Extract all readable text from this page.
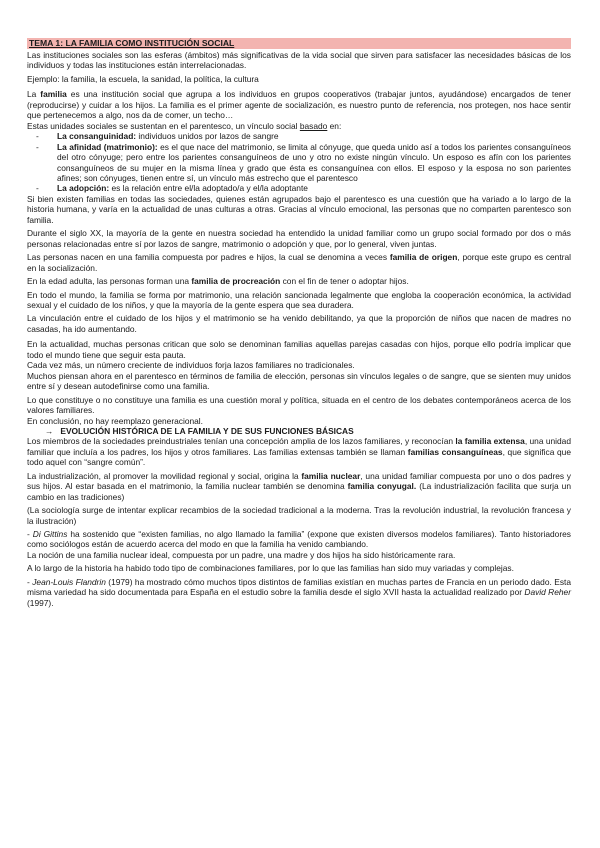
TEMA 1: LA FAMILIA COMO INSTITUCIÓN SOCIAL

Las instituciones sociales son las esferas (ámbitos) más significativas de la vida social que sirven para satisfacer las necesidades básicas de los individuos y todas las instituciones están interrelacionadas.

Ejemplo: la familia, la escuela, la sanidad, la política, la cultura

La familia es una institución social que agrupa a los individuos en grupos cooperativos (trabajar juntos, ayudándose) encargados de tener (reproducirse) y cuidar a los hijos. La familia es el primer agente de socialización, es nuestro punto de referencia, nos protegen, nos hace sentir que pertenecemos a algo, nos da de comer, un techo…

Estas unidades sociales se sustentan en el parentesco, un vínculo social basado en:

- La consanguinidad: individuos unidos por lazos de sangre
- La afinidad (matrimonio): es el que nace del matrimonio, se limita al cónyuge, que queda unido así a todos los parientes consanguíneos del otro cónyuge; pero entre los parientes consanguíneos de uno y otro no existe ningún vínculo. Un esposo es afín con los parientes consanguíneos de su mujer en la misma línea y grado que ésta es consanguínea con ellos. El esposo y la esposa no son parientes afines; son cónyuges, tienen entre sí, un vínculo más estrecho que el parentesco
- La adopción: es la relación entre el/la adoptado/a y el/la adoptante

Si bien existen familias en todas las sociedades, quienes están agrupados bajo el parentesco es una cuestión que ha variado a lo largo de la historia humana, y varía en la actualidad de unas culturas a otras. Gracias al vínculo emocional, las personas que no comparten parentesco son familia.

Durante el siglo XX, la mayoría de la gente en nuestra sociedad ha entendido la unidad familiar como un grupo social formado por dos o más personas relacionadas entre sí por lazos de sangre, matrimonio o adopción y que, por lo general, viven juntas.

Las personas nacen en una familia compuesta por padres e hijos, la cual se denomina a veces familia de origen, porque este grupo es central en la socialización.

En la edad adulta, las personas forman una familia de procreación con el fin de tener o adoptar hijos.

En todo el mundo, la familia se forma por matrimonio, una relación sancionada legalmente que engloba la cooperación económica, la actividad sexual y el cuidado de los niños, y que la mayoría de la gente espera que sea duradera.

La vinculación entre el cuidado de los hijos y el matrimonio se ha venido debilitando, ya que la proporción de niños que nacen de madres no casadas, ha ido aumentando.

En la actualidad, muchas personas critican que solo se denominan familias aquellas parejas casadas con hijos, porque ello podría implicar que todo el mundo tiene que seguir esta pauta.

Cada vez más, un número creciente de individuos forja lazos familiares no tradicionales.

Muchos piensan ahora en el parentesco en términos de familia de elección, personas sin vínculos legales o de sangre, que se sienten muy unidos entre sí y desean autodefinirse como una familia.

Lo que constituye o no constituye una familia es una cuestión moral y política, situada en el centro de los debates contemporáneos acerca de los valores familiares.

En conclusión, no hay reemplazo generacional.

→ EVOLUCIÓN HISTÓRICA DE LA FAMILIA Y DE SUS FUNCIONES BÁSICAS

Los miembros de la sociedades preindustriales tenían una concepción amplia de los lazos familiares, y reconocían la familia extensa, una unidad familiar que incluía a los padres, los hijos y otros familiares. Las familias extensas también se llaman familias consanguíneas, que significa que todo aquel con “sangre común”.

La industrialización, al promover la movilidad regional y social, origina la familia nuclear, una unidad familiar compuesta por uno o dos padres y sus hijos. Al estar basada en el matrimonio, la familia nuclear también se denomina familia conyugal. (La industrialización facilita que surja un cambio en las tradiciones)

(La sociología surge de intentar explicar recambios de la sociedad tradicional a la moderna. Tras la revolución industrial, la revolución francesa y la ilustración)

- Di Gittins ha sostenido que “existen familias, no algo llamado la familia” (expone que existen diversos modelos familiares). Tanto historiadores como sociólogos están de acuerdo acerca del modo en que la familia ha venido cambiando.

La noción de una familia nuclear ideal, compuesta por un padre, una madre y dos hijos ha sido históricamente rara.

A lo largo de la historia ha habido todo tipo de combinaciones familiares, por lo que las familias han sido muy variadas y complejas.

- Jean-Louis Flandrin (1979) ha mostrado cómo muchos tipos distintos de familias existían en muchas partes de Francia en un periodo dado. Esta misma variedad ha sido documentada para España en el estudio sobre la familia desde el siglo XVII hasta la actualidad realizado por David Reher (1997).
